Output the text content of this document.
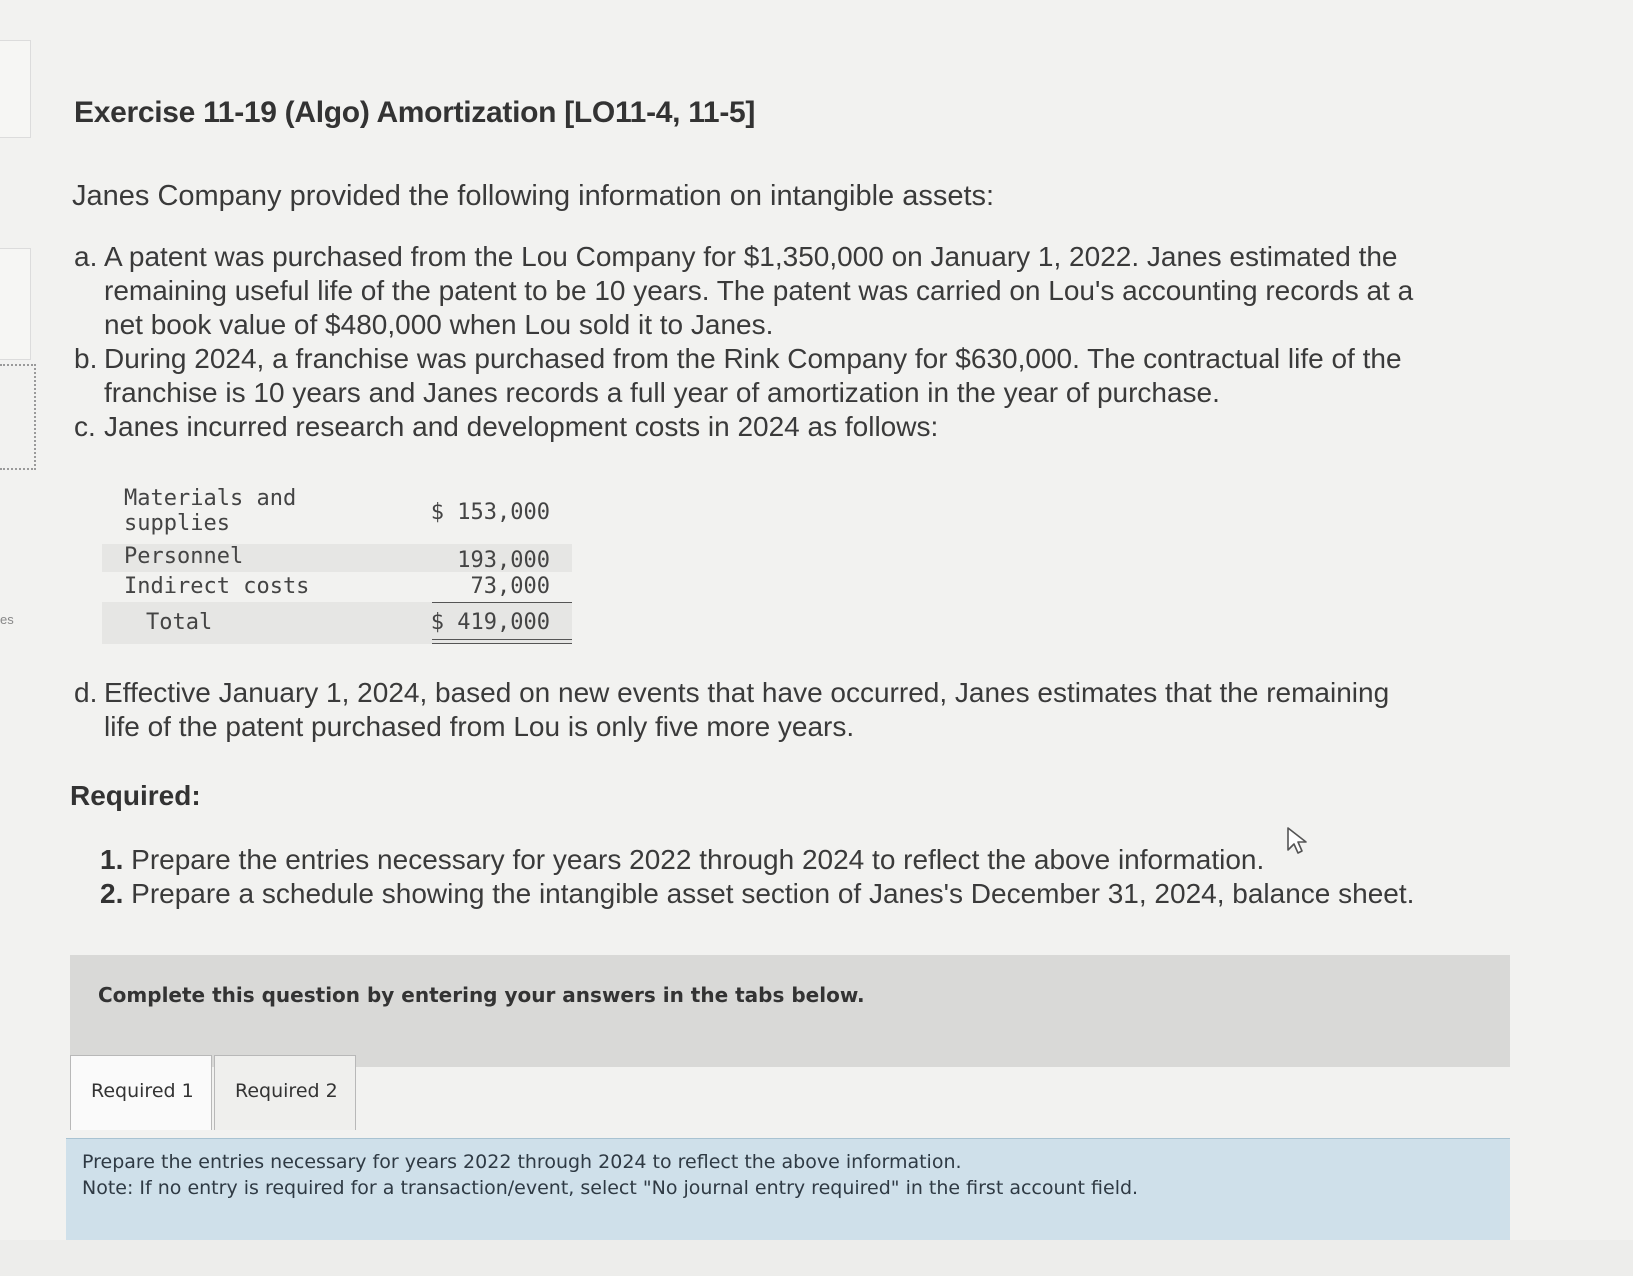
es
Exercise 11-19 (Algo) Amortization [LO11-4, 11-5]
Janes Company provided the following information on intangible assets:
a. A patent was purchased from the Lou Company for $1,350,000 on January 1, 2022. Janes estimated the
remaining useful life of the patent to be 10 years. The patent was carried on Lou's accounting records at a
net book value of $480,000 when Lou sold it to Janes.
b. During 2024, a franchise was purchased from the Rink Company for $630,000. The contractual life of the
franchise is 10 years and Janes records a full year of amortization in the year of purchase.
c. Janes incurred research and development costs in 2024 as follows:
Materials and
supplies	$ 153,000
Personnel	193,000
Indirect costs	73,000
Total	$ 419,000
d. Effective January 1, 2024, based on new events that have occurred, Janes estimates that the remaining
life of the patent purchased from Lou is only five more years.
Required:
1. Prepare the entries necessary for years 2022 through 2024 to reflect the above information.
2. Prepare a schedule showing the intangible asset section of Janes's December 31, 2024, balance sheet.
Complete this question by entering your answers in the tabs below.
Required 1 Required 2
Prepare the entries necessary for years 2022 through 2024 to reflect the above information.
Note: If no entry is required for a transaction/event, select "No journal entry required" in the first account field.
